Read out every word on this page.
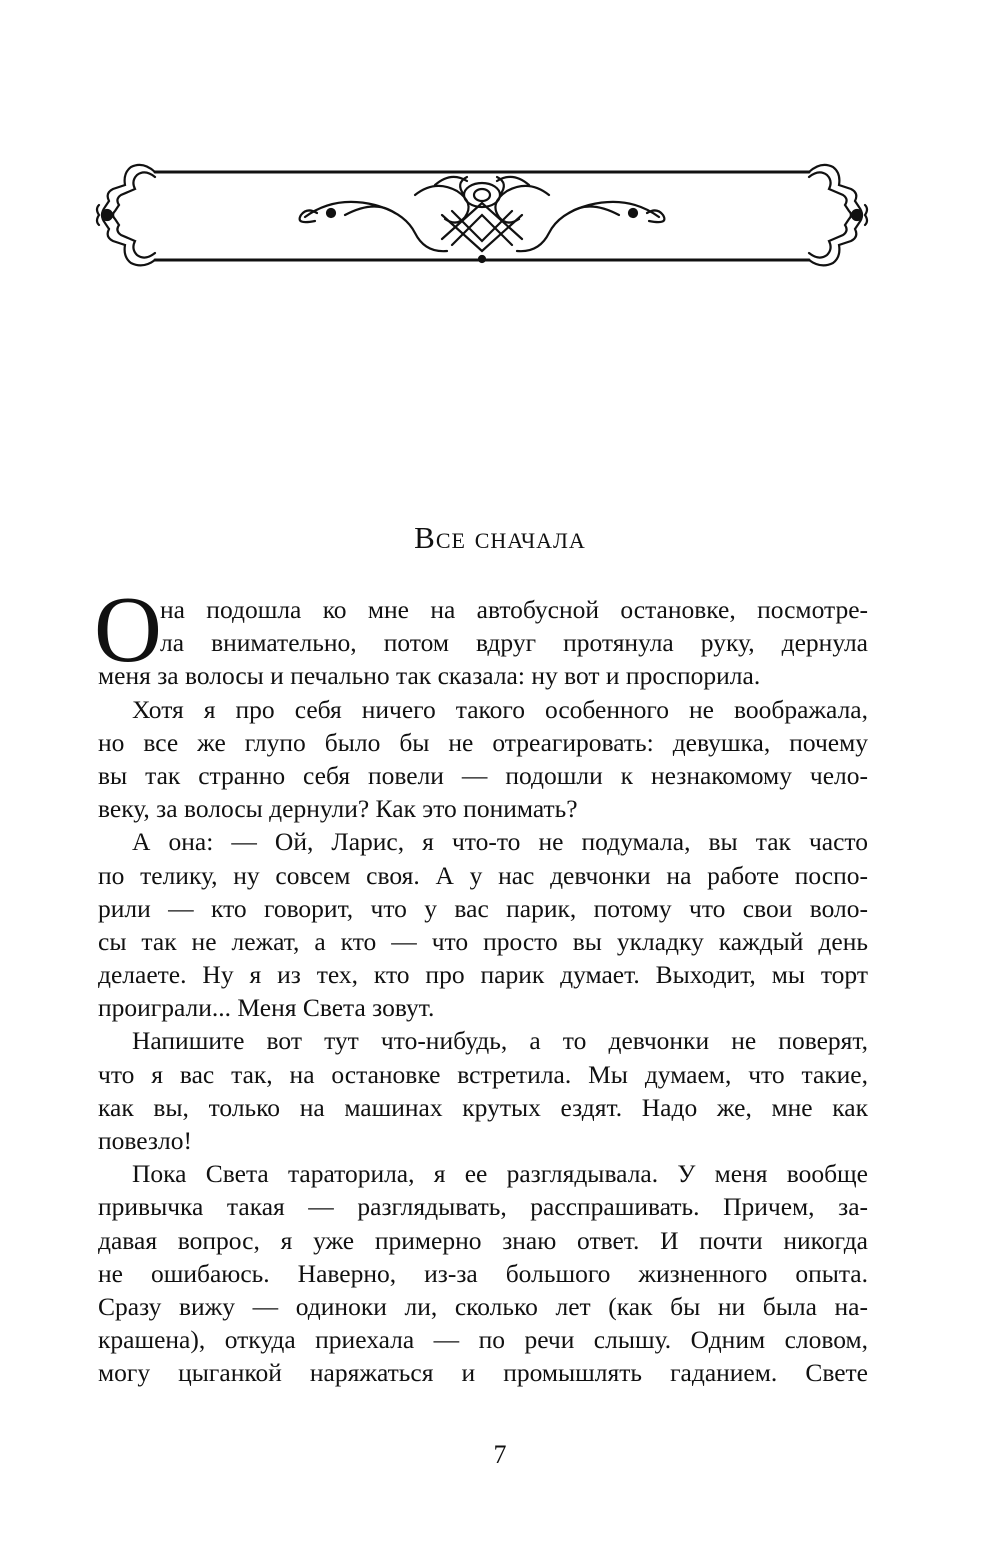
Все сначала
О
на подошла ко мне на автобусной остановке, посмотре-
ла внимательно, потом вдруг протянула руку, дернула
меня за волосы и печально так сказала: ну вот и проспорила.
Хотя я про себя ничего такого особенного не воображала,
но все же глупо было бы не отреагировать: девушка, почему
вы так странно себя повели — подошли к незнакомому чело-
веку, за волосы дернули? Как это понимать?
А она: — Ой, Ларис, я что-то не подумала, вы так часто
по телику, ну совсем своя. А у нас девчонки на работе поспо-
рили — кто говорит, что у вас парик, потому что свои воло-
сы так не лежат, а кто — что просто вы укладку каждый день
делаете. Ну я из тех, кто про парик думает. Выходит, мы торт
проиграли... Меня Света зовут.
Напишите вот тут что-нибудь, а то девчонки не поверят,
что я вас так, на остановке встретила. Мы думаем, что такие,
как вы, только на машинах крутых ездят. Надо же, мне как
повезло!
Пока Света тараторила, я ее разглядывала. У меня вообще
привычка такая — разглядывать, расспрашивать. Причем, за-
давая вопрос, я уже примерно знаю ответ. И почти никогда
не ошибаюсь. Наверно, из-за большого жизненного опыта.
Сразу вижу — одиноки ли, сколько лет (как бы ни была на-
крашена), откуда приехала — по речи слышу. Одним словом,
могу цыганкой наряжаться и промышлять гаданием. Свете
7
